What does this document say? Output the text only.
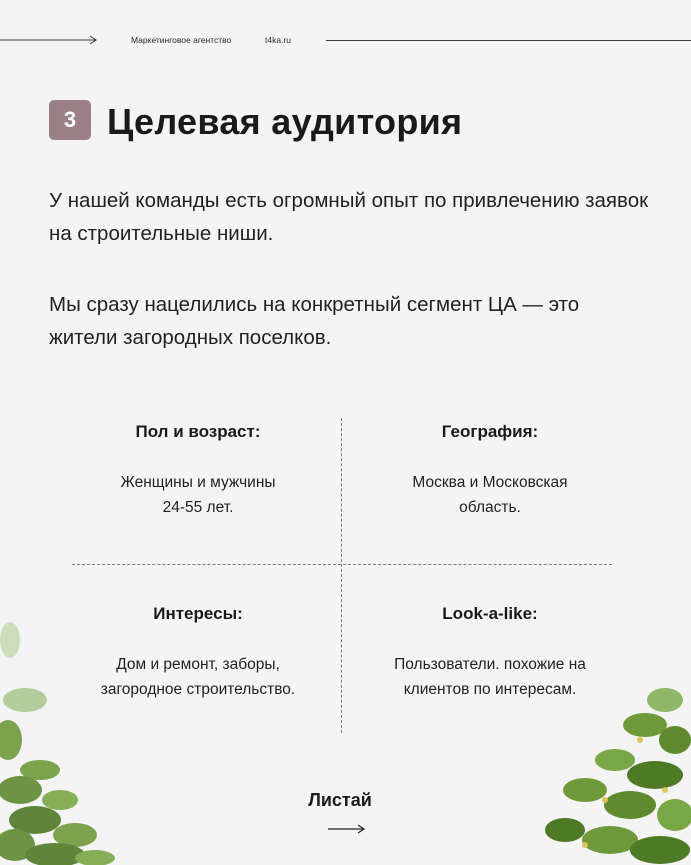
Маркетинговое агентство	t4ka.ru
3 Целевая аудитория
У нашей команды есть огромный опыт по привлечению заявок на строительные ниши.
Мы сразу нацелились на конкретный сегмент ЦА — это жители загородных поселков.
Пол и возраст:
Женщины и мужчины
24-55 лет.
География:
Москва и Московская
область.
Интересы:
Дом и ремонт, заборы,
загородное строительство.
Look-a-like:
Пользователи. похожие на
клиентов по интересам.
Листай
